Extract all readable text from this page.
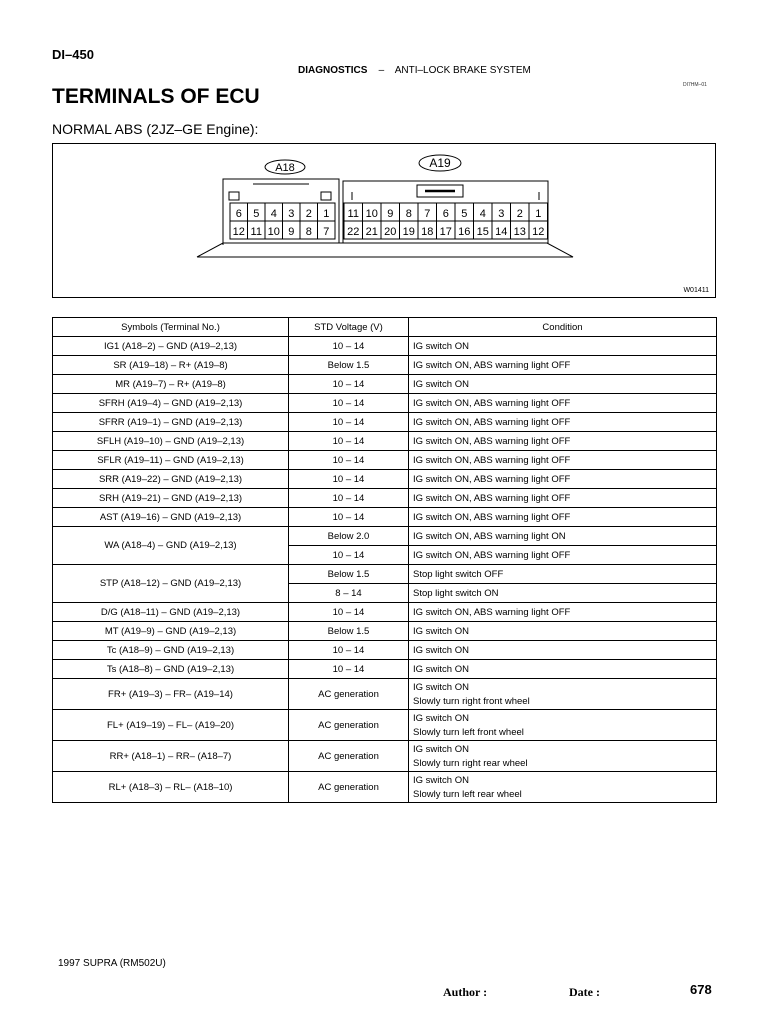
DI–450
DIAGNOSTICS – ANTI–LOCK BRAKE SYSTEM
DI7HM–01
TERMINALS OF ECU
NORMAL ABS (2JZ–GE Engine):
A18	A19
6 5 4 3 2 1
12 11 10 9 8 7
11 10 9 8 7 6 5 4 3 2 1
22 21 20 19 18 17 16 15 14 13 12
W01411
Symbols (Terminal No.)	STD Voltage (V)	Condition
IG1 (A18–2) – GND (A19–2,13)	10 – 14	IG switch ON
SR (A19–18) – R+ (A19–8)	Below 1.5	IG switch ON, ABS warning light OFF
MR (A19–7) – R+ (A19–8)	10 – 14	IG switch ON
SFRH (A19–4) – GND (A19–2,13)	10 – 14	IG switch ON, ABS warning light OFF
SFRR (A19–1) – GND (A19–2,13)	10 – 14	IG switch ON, ABS warning light OFF
SFLH (A19–10) – GND (A19–2,13)	10 – 14	IG switch ON, ABS warning light OFF
SFLR (A19–11) – GND (A19–2,13)	10 – 14	IG switch ON, ABS warning light OFF
SRR (A19–22) – GND (A19–2,13)	10 – 14	IG switch ON, ABS warning light OFF
SRH (A19–21) – GND (A19–2,13)	10 – 14	IG switch ON, ABS warning light OFF
AST (A19–16) – GND (A19–2,13)	10 – 14	IG switch ON, ABS warning light OFF
WA (A18–4) – GND (A19–2,13)	Below 2.0	IG switch ON, ABS warning light ON
	10 – 14	IG switch ON, ABS warning light OFF
STP (A18–12) – GND (A19–2,13)	Below 1.5	Stop light switch OFF
	8 – 14	Stop light switch ON
D/G (A18–11) – GND (A19–2,13)	10 – 14	IG switch ON, ABS warning light OFF
MT (A19–9) – GND (A19–2,13)	Below 1.5	IG switch ON
Tc (A18–9) – GND (A19–2,13)	10 – 14	IG switch ON
Ts (A18–8) – GND (A19–2,13)	10 – 14	IG switch ON
FR+ (A19–3) – FR– (A19–14)	AC generation	IG switch ON
Slowly turn right front wheel

FL+ (A19–19) – FL– (A19–20)	AC generation	IG switch ON
Slowly turn left front wheel

RR+ (A18–1) – RR– (A18–7)	AC generation	IG switch ON
Slowly turn right rear wheel

RL+ (A18–3) – RL– (A18–10)	AC generation	IG switch ON
Slowly turn left rear wheel
1997 SUPRA (RM502U)
Author :	Date :	678
